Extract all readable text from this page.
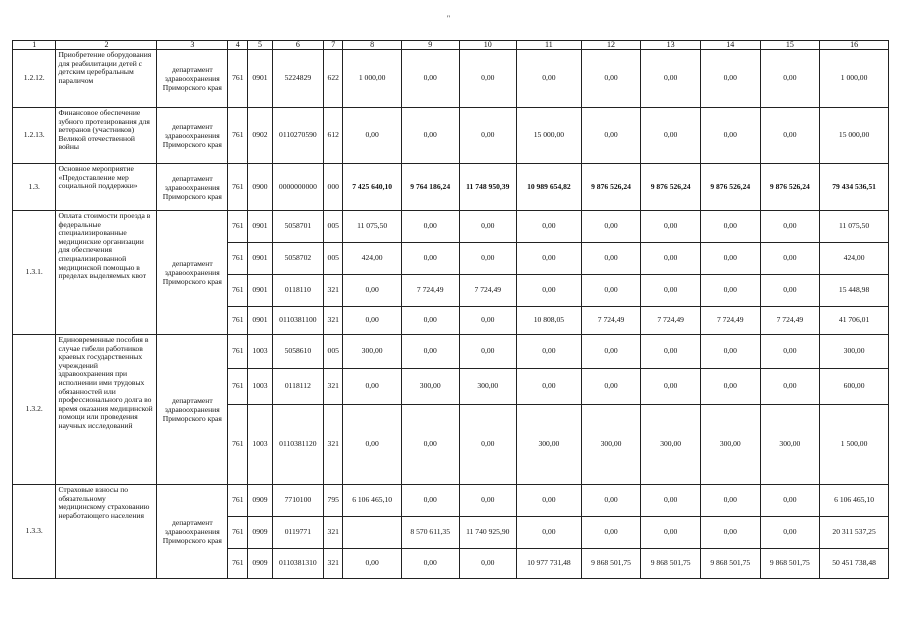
''
1	2	3	4	5	6	7	8	9	10	11	12	13	14	15	16
1.2.12.	Приобретение оборудования для реабилитации детей с детским церебральным параличом	департамент здравоохранения Приморского края	761	0901	5224829	622	1 000,00	0,00	0,00	0,00	0,00	0,00	0,00	0,00	1 000,00
1.2.13.	Финансовое обеспечение зубного протезирования для ветеранов (участников) Великой отечественной войны	департамент здравоохранения Приморского края	761	0902	0110270590	612	0,00	0,00	0,00	15 000,00	0,00	0,00	0,00	0,00	15 000,00
1.3.	Основное мероприятие «Предоставление мер социальной поддержки»	департамент здравоохранения Приморского края	761	0900	0000000000	000	7 425 640,10	9 764 186,24	11 748 950,39	10 989 654,82	9 876 526,24	9 876 526,24	9 876 526,24	9 876 526,24	79 434 536,51
1.3.1.	Оплата стоимости проезда в федеральные специализированные медицинские организации для обеспечения специализированной медицинской помощью в пределах выделяемых квот	департамент здравоохранения Приморского края	761	0901	5058701	005	11 075,50	0,00	0,00	0,00	0,00	0,00	0,00	0,00	11 075,50
			761	0901	5058702	005	424,00	0,00	0,00	0,00	0,00	0,00	0,00	0,00	424,00
			761	0901	0118110	321	0,00	7 724,49	7 724,49	0,00	0,00	0,00	0,00	0,00	15 448,98
			761	0901	0110381100	321	0,00	0,00	0,00	10 808,05	7 724,49	7 724,49	7 724,49	7 724,49	41 706,01
1.3.2.	Единовременные пособия в случае гибели работников краевых государственных учреждений здравоохранения при исполнении ими трудовых обязанностей или профессионального долга во время оказания медицинской помощи или проведения научных исследований	департамент здравоохранения Приморского края	761	1003	5058610	005	300,00	0,00	0,00	0,00	0,00	0,00	0,00	0,00	300,00
			761	1003	0118112	321	0,00	300,00	300,00	0,00	0,00	0,00	0,00	0,00	600,00
			761	1003	0110381120	321	0,00	0,00	0,00	300,00	300,00	300,00	300,00	300,00	1 500,00
1.3.3.	Страховые взносы по обязательному медицинскому страхованию неработающего населения	департамент здравоохранения Приморского края	761	0909	7710100	795	6 106 465,10	0,00	0,00	0,00	0,00	0,00	0,00	0,00	6 106 465,10
			761	0909	0119771	321		8 570 611,35	11 740 925,90	0,00	0,00	0,00	0,00	0,00	20 311 537,25
			761	0909	0110381310	321	0,00	0,00	0,00	10 977 731,48	9 868 501,75	9 868 501,75	9 868 501,75	9 868 501,75	50 451 738,48
